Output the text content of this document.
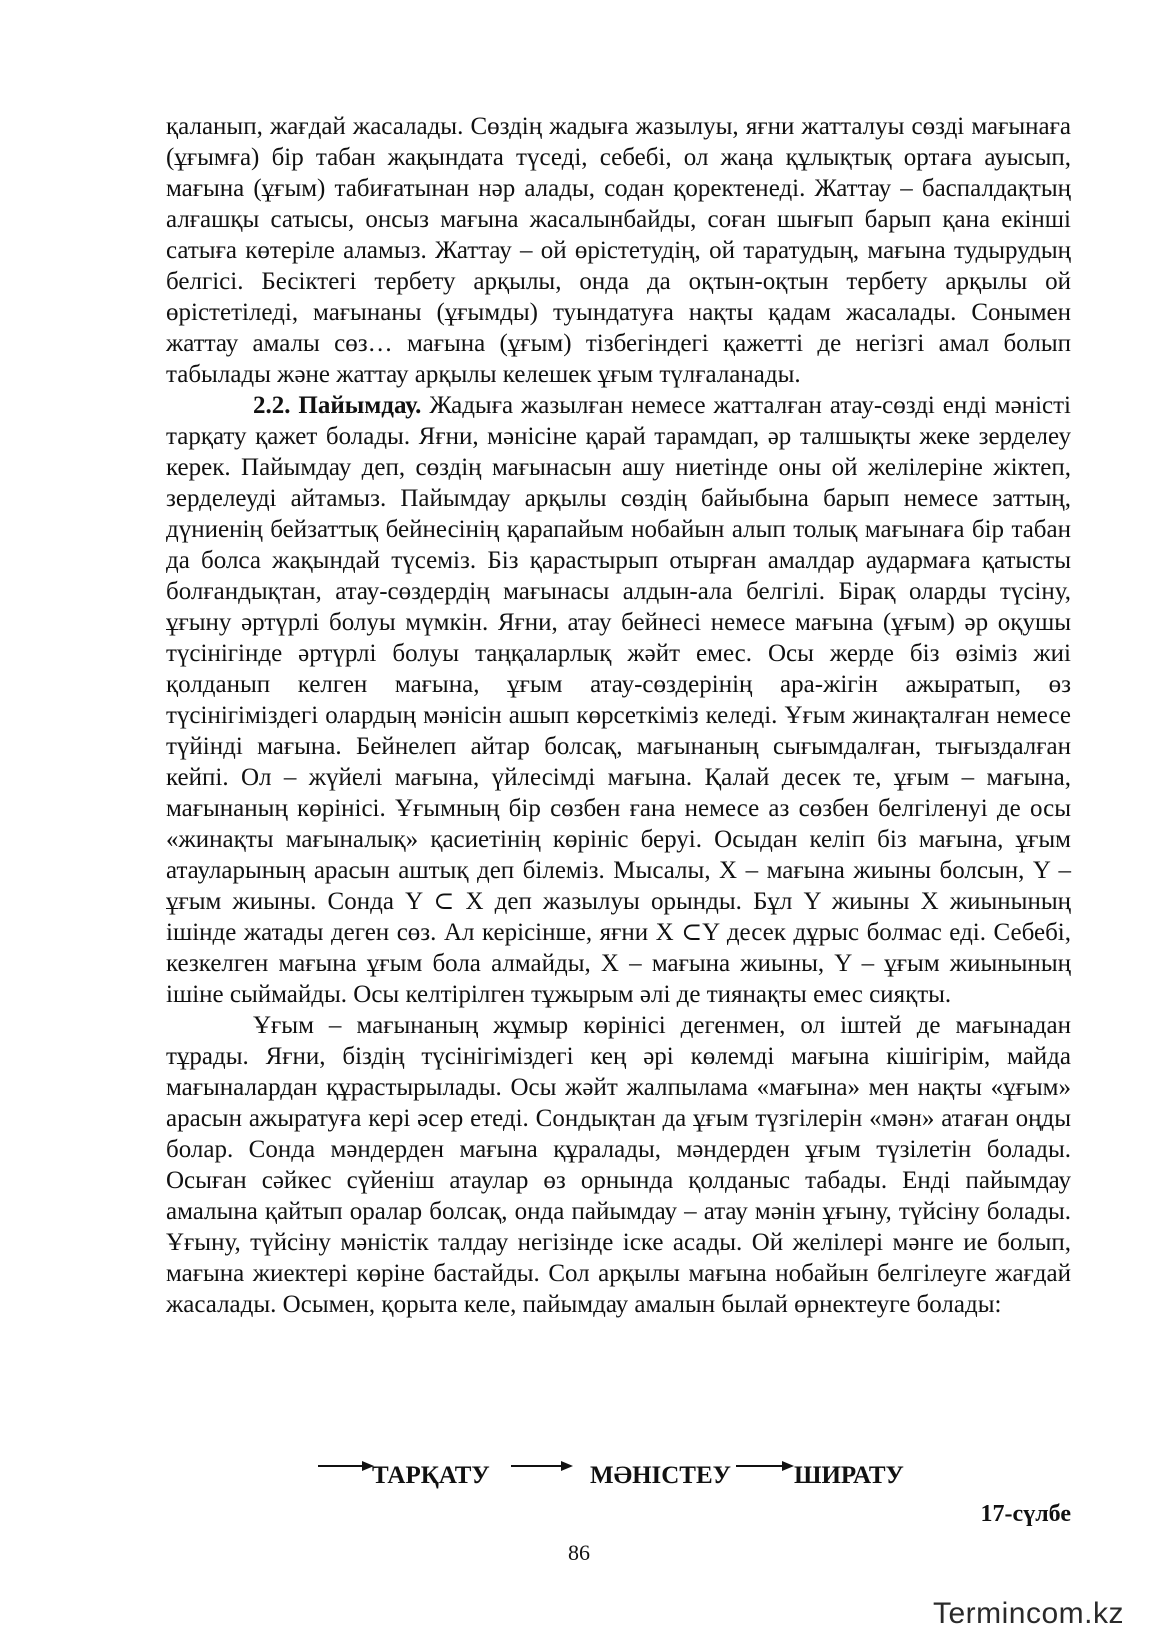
қаланып, жағдай жасалады. Сөздің жадыға жазылуы, яғни жатталуы сөзді мағынаға (ұғымға) бір табан жақындата түседі, себебі, ол жаңа құлықтық ортаға ауысып, мағына (ұғым) табиғатынан нәр алады, содан қоректенеді. Жаттау – баспалдақтың алғашқы сатысы, онсыз мағына жасалынбайды, соған шығып барып қана екінші сатыға көтеріле аламыз. Жаттау – ой өрістетудің, ой таратудың, мағына тудырудың белгісі. Бесіктегі тербету арқылы, онда да оқтын-оқтын тербету арқылы ой өрістетіледі, мағынаны (ұғымды) туындатуға нақты қадам жасалады. Сонымен жаттау амалы сөз… мағына (ұғым) тізбегіндегі қажетті де негізгі амал болып табылады және жаттау арқылы келешек ұғым түлғаланады.

2.2. Пайымдау. Жадыға жазылған немесе жатталған атау-сөзді енді мәністі тарқату қажет болады. Яғни, мәнісіне қарай тарамдап, әр талшықты жеке зерделеу керек. Пайымдау деп, сөздің мағынасын ашу ниетінде оны ой желілеріне жіктеп, зерделеуді айтамыз. Пайымдау арқылы сөздің байыбына барып немесе заттың, дүниенің бейзаттық бейнесінің қарапайым нобайын алып толық мағынаға бір табан да болса жақындай түсеміз. Біз қарастырып отырған амалдар аудармаға қатысты болғандықтан, атау-сөздердің мағынасы алдын-ала белгілі. Бірақ оларды түсіну, ұғыну әртүрлі болуы мүмкін. Яғни, атау бейнесі немесе мағына (ұғым) әр оқушы түсінігінде әртүрлі болуы таңқаларлық жәйт емес. Осы жерде біз өзіміз жиі қолданып келген мағына, ұғым атау-сөздерінің ара-жігін ажыратып, өз түсінігіміздегі олардың мәнісін ашып көрсеткіміз келеді. Ұғым жинақталған немесе түйінді мағына. Бейнелеп айтар болсақ, мағынаның сығымдалған, тығыздалған кейпі. Ол – жүйелі мағына, үйлесімді мағына. Қалай десек те, ұғым – мағына, мағынаның көрінісі. Ұғымның бір сөзбен ғана немесе аз сөзбен белгіленуі де осы «жинақты мағыналық» қасиетінің көрініс беруі. Осыдан келіп біз мағына, ұғым атауларының арасын аштық деп білеміз. Мысалы, X – мағына жиыны болсын, Y – ұғым жиыны. Сонда Y ⊂ X деп жазылуы орынды. Бұл Y жиыны X жиынының ішінде жатады деген сөз. Ал керісінше, яғни X ⊂Y десек дұрыс болмас еді. Себебі, кезкелген мағына ұғым бола алмайды, X – мағына жиыны, Y – ұғым жиынының ішіне сыймайды. Осы келтірілген тұжырым әлі де тиянақты емес сияқты.

Ұғым – мағынаның жұмыр көрінісі дегенмен, ол іштей де мағынадан тұрады. Яғни, біздің түсінігіміздегі кең әрі көлемді мағына кішігірім, майда мағыналардан құрастырылады. Осы жәйт жалпылама «мағына» мен нақты «ұғым» арасын ажыратуға кері әсер етеді. Сондықтан да ұғым түзгілерін «мән» атаған оңды болар. Сонда мәндерден мағына құралады, мәндерден ұғым түзілетін болады. Осыған сәйкес сүйеніш атаулар өз орнында қолданыс табады. Енді пайымдау амалына қайтып оралар болсақ, онда пайымдау – атау мәнін ұғыну, түйсіну болады. Ұғыну, түйсіну мәністік талдау негізінде іске асады. Ой желілері мәнге ие болып, мағына жиектері көріне бастайды. Сол арқылы мағына нобайын белгілеуге жағдай жасалады. Осымен, қорыта келе, пайымдау амалын былай өрнектеуге болады:

ТАРҚАТУ	МӘНІСТЕУ	ШИРАТУ
17-сүлбе
86
Termincom.kz
